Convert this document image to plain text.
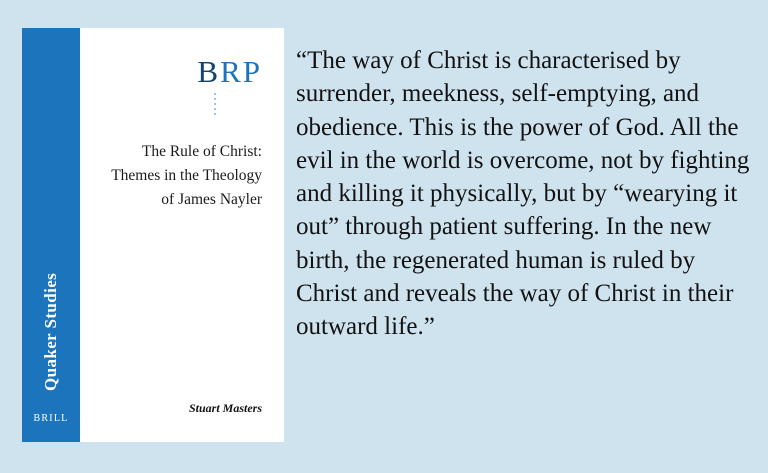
Quaker Studies
BRILL
BRP
The Rule of Christ: Themes in the Theology of James Nayler
Stuart Masters
“The way of Christ is characterised by surrender, meekness, self-emptying, and obedience. This is the power of God. All the evil in the world is overcome, not by fighting and killing it physically, but by “wearying it out” through patient suffering. In the new birth, the regenerated human is ruled by Christ and reveals the way of Christ in their outward life.”
